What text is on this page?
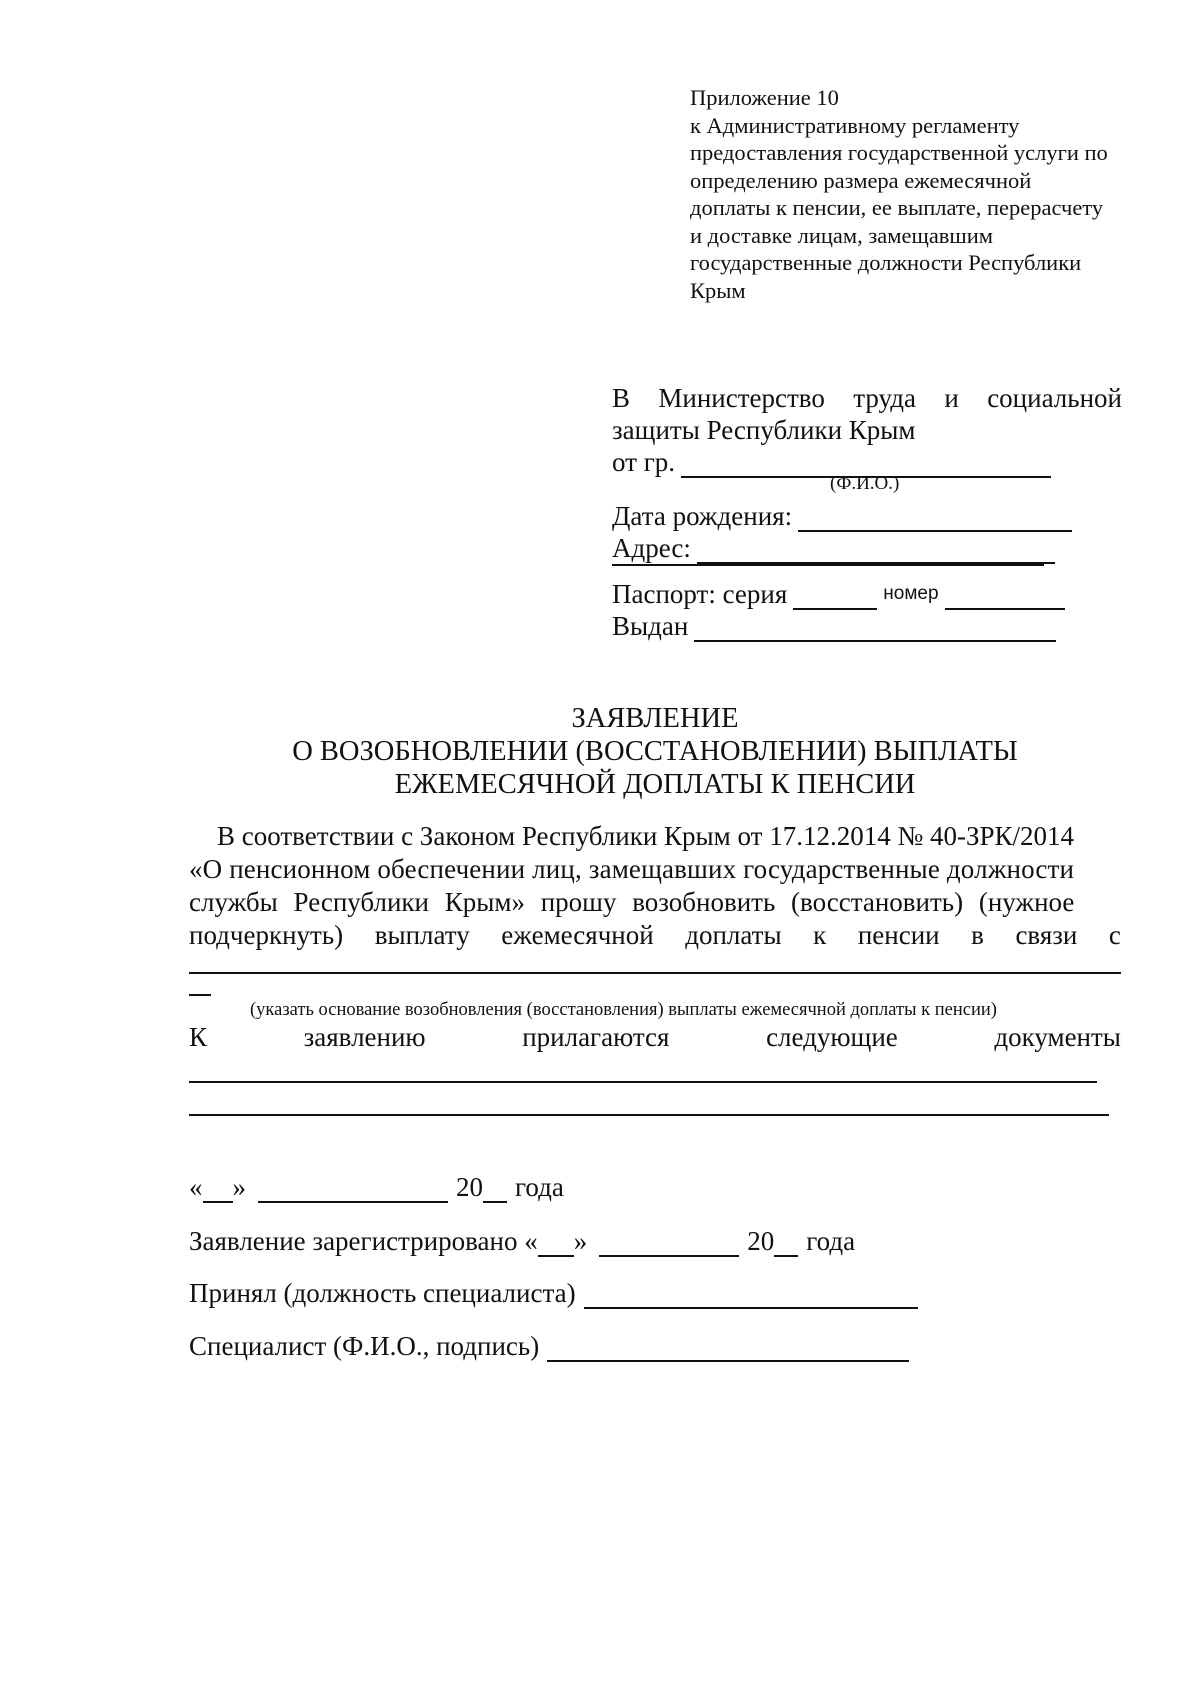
Приложение 10
к Административному регламенту
предоставления государственной услуги по
определению размера ежемесячной
доплаты к пенсии, ее выплате, перерасчету
и доставке лицам, замещавшим
государственные должности Республики
Крым
В Министерство труда и социальной
защиты Республики Крым
от гр.
(Ф.И.О.)
Дата рождения:
Адрес:
Паспорт: серия	номер
Выдан
ЗАЯВЛЕНИЕ
О ВОЗОБНОВЛЕНИИ (ВОССТАНОВЛЕНИИ) ВЫПЛАТЫ
ЕЖЕМЕСЯЧНОЙ ДОПЛАТЫ К ПЕНСИИ
В соответствии с Законом Республики Крым от 17.12.2014 № 40-ЗРК/2014
«О пенсионном обеспечении лиц, замещавших государственные должности
службы Республики Крым» прошу возобновить (восстановить) (нужное
подчеркнуть) выплату ежемесячной доплаты к пенсии в связи с
(указать основание возобновления (восстановления) выплаты ежемесячной доплаты к пенсии)
К	заявлению	прилагаются	следующие	документы
« »	20 года
Заявление зарегистрировано « »	20 года
Принял (должность специалиста)
Специалист (Ф.И.О., подпись)
